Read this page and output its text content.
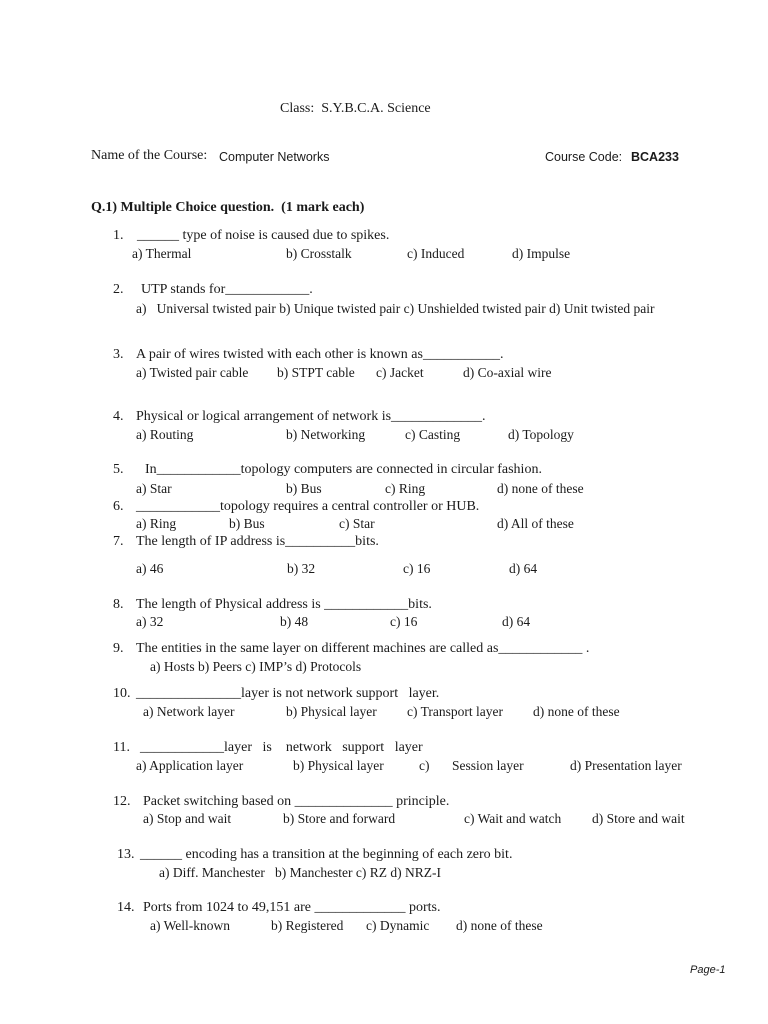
Class:  S.Y.B.C.A. Science
Name of the Course: Computer Networks	Course Code: BCA233
Q.1) Multiple Choice question.  (1 mark each)
1. ______ type of noise is caused due to spikes.
a) Thermal	b) Crosstalk	c) Induced	d) Impulse
2. UTP stands for____________.
a)   Universal twisted pair b) Unique twisted pair c) Unshielded twisted pair d) Unit twisted pair
3. A pair of wires twisted with each other is known as___________.
a) Twisted pair cable b) STPT cable c) Jacket	d) Co-axial wire
4. Physical or logical arrangement of network is_____________.
a) Routing	b) Networking	c) Casting	d) Topology
5. In____________topology computers are connected in circular fashion.
a) Star	b) Bus	c) Ring	d) none of these
6. ____________topology requires a central controller or HUB.
a) Ring	b) Bus	c) Star	d) All of these
7. The length of IP address is__________bits.
a) 46	b) 32	c) 16	d) 64
8. The length of Physical address is ____________bits.
a) 32	b) 48	c) 16	d) 64
9. The entities in the same layer on different machines are called as____________ .
a) Hosts b) Peers c) IMP’s d) Protocols
10. _______________layer is not network support   layer.
a) Network layer	b) Physical layer c) Transport layer d) none of these
11. ____________layer   is    network   support   layer
a) Application layer	b) Physical layer	c) Session layer	d) Presentation layer
12. Packet switching based on ______________ principle.
a) Stop and wait	b) Store and forward	c) Wait and watch d) Store and wait
13. ______ encoding has a transition at the beginning of each zero bit.
a) Diff. Manchester   b) Manchester c) RZ d) NRZ-I
14. Ports from 1024 to 49,151 are _____________ ports.
a) Well-known	b) Registered c) Dynamic d) none of these
Page-1
